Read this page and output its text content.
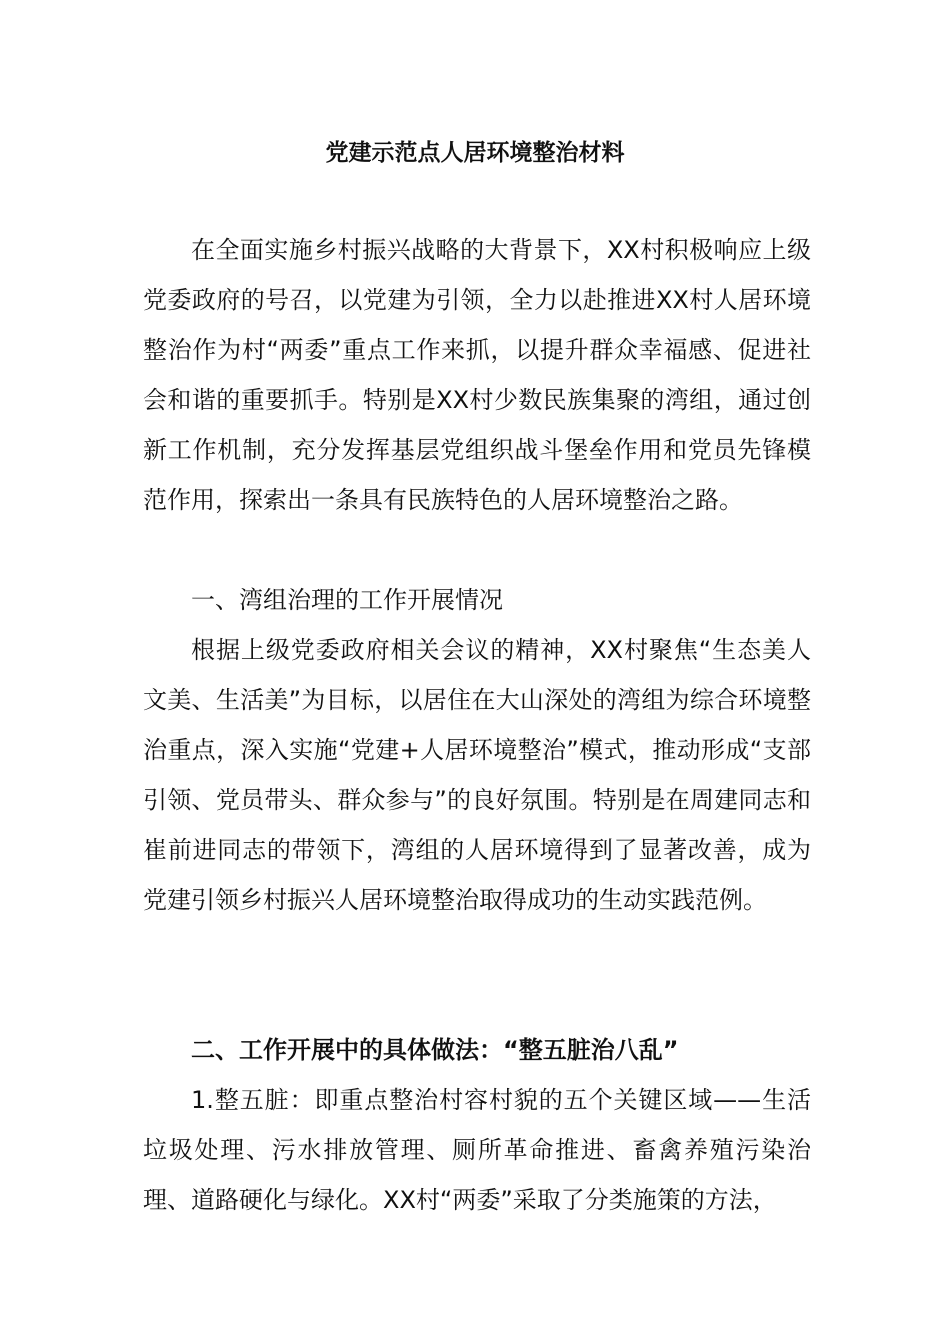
党建示范点人居环境整治材料

在全面实施乡村振兴战略的大背景下，XX村积极响应上级党委政府的号召，以党建为引领，全力以赴推进XX村人居环境整治作为村“两委”重点工作来抓，以提升群众幸福感、促进社会和谐的重要抓手。特别是XX村少数民族集聚的湾组，通过创新工作机制，充分发挥基层党组织战斗堡垒作用和党员先锋模范作用，探索出一条具有民族特色的人居环境整治之路。

一、湾组治理的工作开展情况

根据上级党委政府相关会议的精神，XX村聚焦“生态美人文美、生活美”为目标，以居住在大山深处的湾组为综合环境整治重点，深入实施“党建+人居环境整治”模式，推动形成“支部引领、党员带头、群众参与”的良好氛围。特别是在周建同志和崔前进同志的带领下，湾组的人居环境得到了显著改善，成为党建引领乡村振兴人居环境整治取得成功的生动实践范例。

二、工作开展中的具体做法：“整五脏治八乱”

1.整五脏：即重点整治村容村貌的五个关键区域——生活垃圾处理、污水排放管理、厕所革命推进、畜禽养殖污染治理、道路硬化与绿化。XX村“两委”采取了分类施策的方法，
